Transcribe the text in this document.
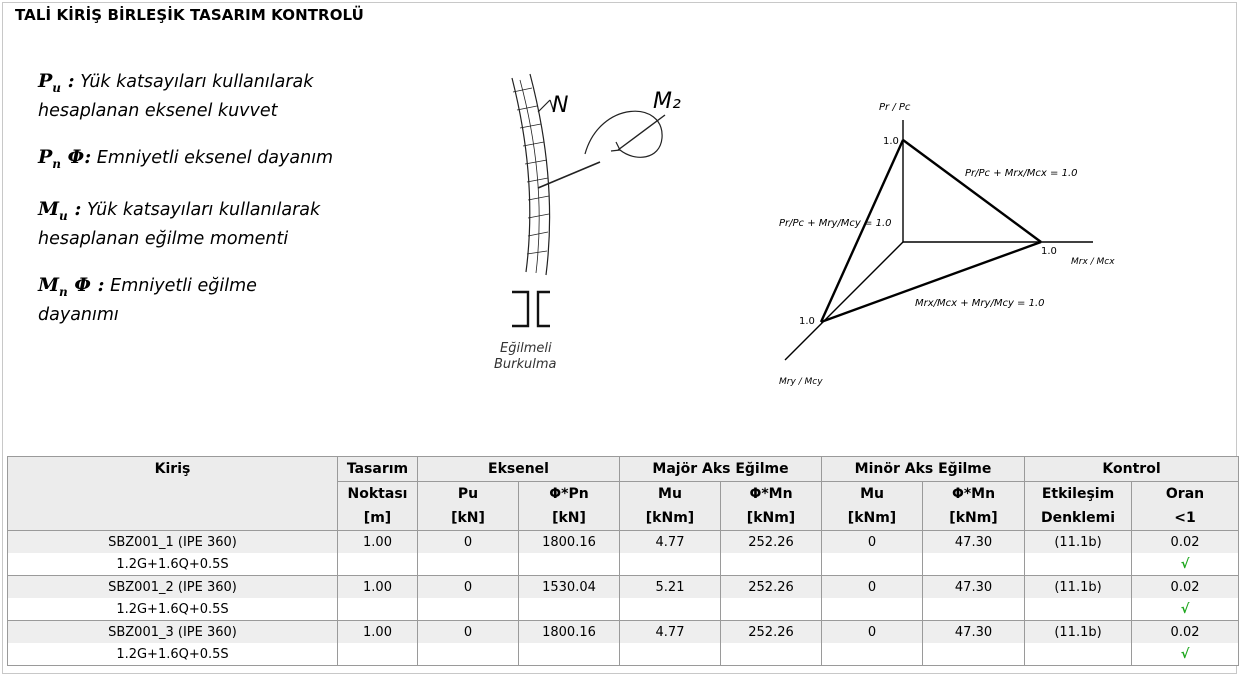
TALİ KİRİŞ BİRLEŞİK TASARIM KONTROLÜ
$P_u$ : Yük katsayıları kullanılarak hesaplanan eksenel kuvvet
$P_n$ Φ: Emniyetli eksenel dayanım
$M_u$ : Yük katsayıları kullanılarak hesaplanan eğilme momenti
$M_n$ Φ : Emniyetli eğilme dayanımı
N	M₂
Eğilmeli
Burkulma
Pr / Pc
1.0
Mrx / Mcx
1.0
Mry / Mcy
1.0
Pr/Pc + Mrx/Mcx = 1.0
Pr/Pc + Mry/Mcy = 1.0
Mrx/Mcx + Mry/Mcy = 1.0
Kiriş	Tasarım	Eksenel		Majör Aks Eğilme		Minör Aks Eğilme		Kontrol	
	Noktası	Pu	Φ*Pn	Mu	Φ*Mn	Mu	Φ*Mn	Etkileşim	Oran
	[m]	[kN]	[kN]	[kNm]	[kNm]	[kNm]	[kNm]	Denklemi	<1
SBZ001_1 (IPE 360)	1.00	0	1800.16	4.77	252.26	0	47.30	(11.1b)	0.02
1.2G+1.6Q+0.5S									√
SBZ001_2 (IPE 360)	1.00	0	1530.04	5.21	252.26	0	47.30	(11.1b)	0.02
1.2G+1.6Q+0.5S									√
SBZ001_3 (IPE 360)	1.00	0	1800.16	4.77	252.26	0	47.30	(11.1b)	0.02
1.2G+1.6Q+0.5S									√
